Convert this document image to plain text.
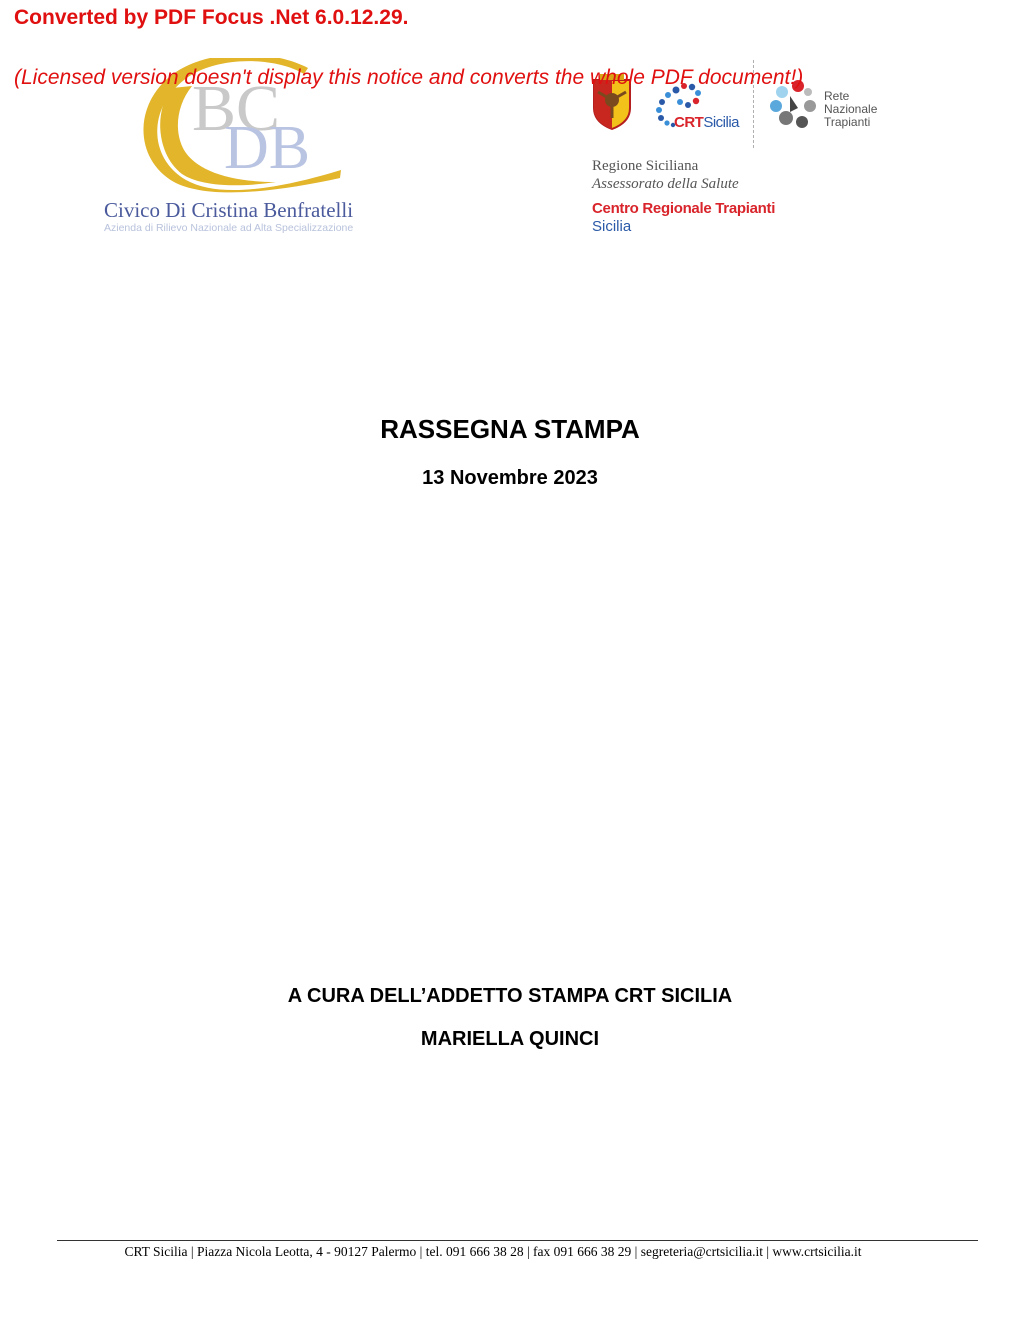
Converted by PDF Focus .Net 6.0.12.29.
(Licensed version doesn't display this notice and converts the whole PDF document!)
BC
DB
Civico Di Cristina Benfratelli
Azienda di Rilievo Nazionale ad Alta Specializzazione
CRTSicilia
Rete
Nazionale
Trapianti
Regione Siciliana
Assessorato della Salute
Centro Regionale Trapianti
Sicilia
RASSEGNA STAMPA
13 Novembre 2023
A CURA DELL’ADDETTO STAMPA CRT SICILIA
MARIELLA QUINCI
CRT Sicilia | Piazza Nicola Leotta, 4 - 90127 Palermo | tel. 091 666 38 28 | fax 091 666 38 29 | segreteria@crtsicilia.it | www.crtsicilia.it
